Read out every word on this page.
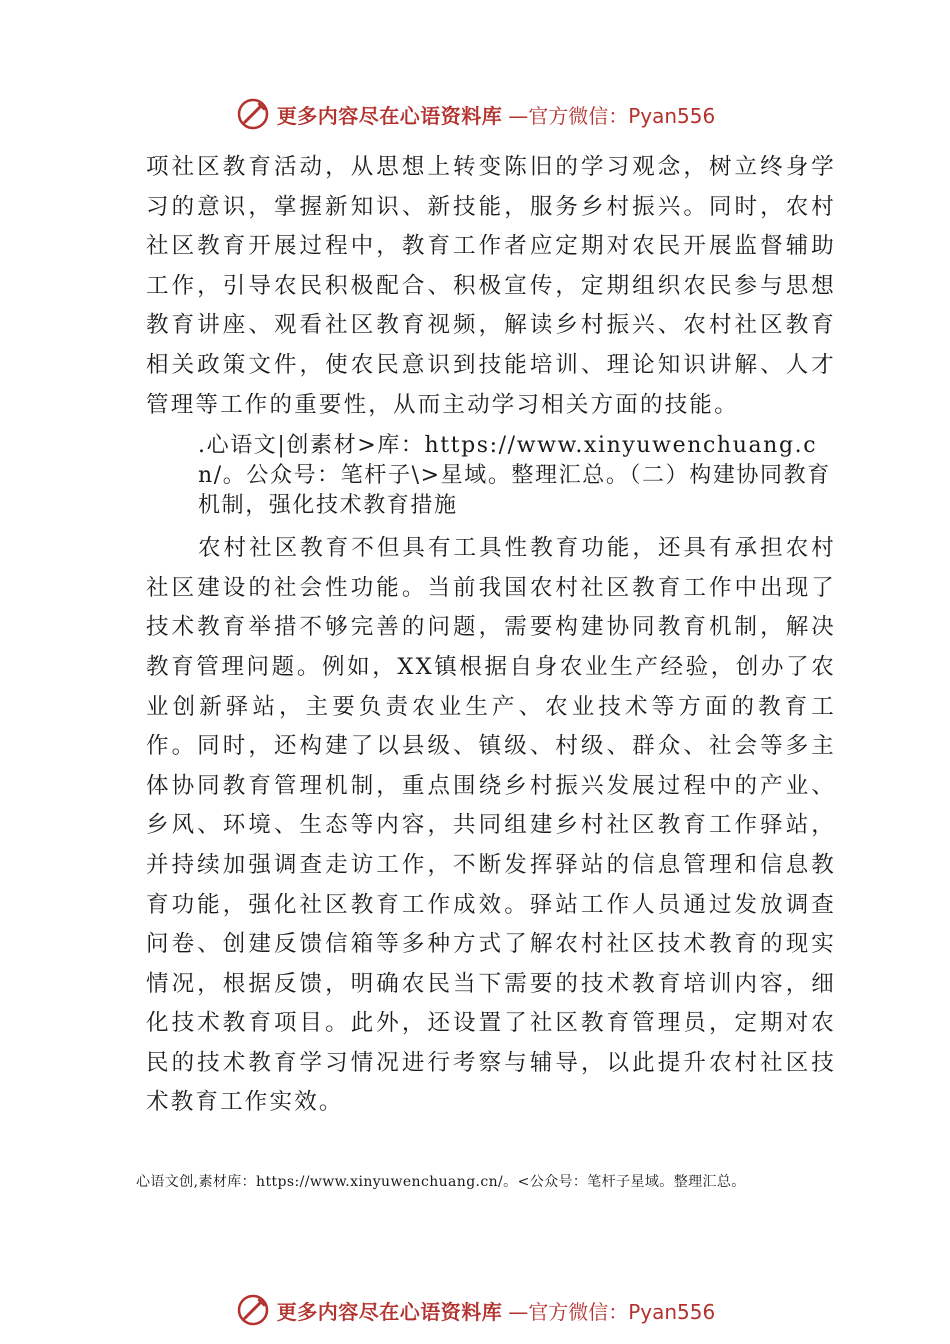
更多内容尽在心语资料库 —官方微信：Pyan556

项社区教育活动，从思想上转变陈旧的学习观念，树立终身学习的意识，掌握新知识、新技能，服务乡村振兴。同时，农村社区教育开展过程中，教育工作者应定期对农民开展监督辅助工作，引导农民积极配合、积极宣传，定期组织农民参与思想教育讲座、观看社区教育视频，解读乡村振兴、农村社区教育相关政策文件，使农民意识到技能培训、理论知识讲解、人才管理等工作的重要性，从而主动学习相关方面的技能。

.心语文|创素材>库：https://www.xinyuwenchuang.cn/。公众号：笔杆子\>星域。整理汇总。（二）构建协同教育机制，强化技术教育措施

农村社区教育不但具有工具性教育功能，还具有承担农村社区建设的社会性功能。当前我国农村社区教育工作中出现了技术教育举措不够完善的问题，需要构建协同教育机制，解决教育管理问题。例如，XX镇根据自身农业生产经验，创办了农业创新驿站，主要负责农业生产、农业技术等方面的教育工作。同时，还构建了以县级、镇级、村级、群众、社会等多主体协同教育管理机制，重点围绕乡村振兴发展过程中的产业、乡风、环境、生态等内容，共同组建乡村社区教育工作驿站，并持续加强调查走访工作，不断发挥驿站的信息管理和信息教育功能，强化社区教育工作成效。驿站工作人员通过发放调查问卷、创建反馈信箱等多种方式了解农村社区技术教育的现实情况，根据反馈，明确农民当下需要的技术教育培训内容，细化技术教育项目。此外，还设置了社区教育管理员，定期对农民的技术教育学习情况进行考察与辅导，以此提升农村社区技术教育工作实效。

心语文创,素材库：https://www.xinyuwenchuang.cn/。<公众号：笔杆子星域。整理汇总。
更多内容尽在心语资料库 —官方微信：Pyan556
